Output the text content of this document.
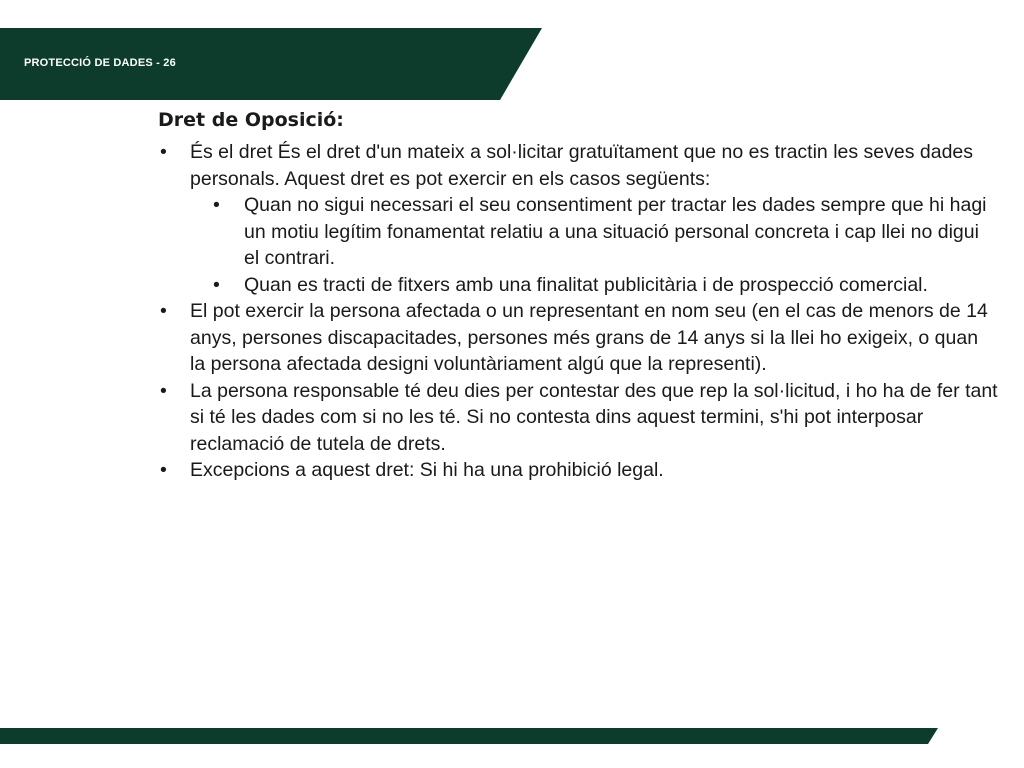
PROTECCIÓ DE DADES - 26
Dret de Oposició:
• És el dret És el dret d'un mateix a sol·licitar gratuïtament que no es tractin les seves dades personals. Aquest dret es pot exercir en els casos següents:
• Quan no sigui necessari el seu consentiment per tractar les dades sempre que hi hagi un motiu legítim fonamentat relatiu a una situació personal concreta i cap llei no digui el contrari.
• Quan es tracti de fitxers amb una finalitat publicitària i de prospecció comercial.
• El pot exercir la persona afectada o un representant en nom seu (en el cas de menors de 14 anys, persones discapacitades, persones més grans de 14 anys si la llei ho exigeix, o quan la persona afectada designi voluntàriament algú que la representi).
• La persona responsable té deu dies per contestar des que rep la sol·licitud, i ho ha de fer tant si té les dades com si no les té. Si no contesta dins aquest termini, s'hi pot interposar reclamació de tutela de drets.
• Excepcions a aquest dret: Si hi ha una prohibició legal.
